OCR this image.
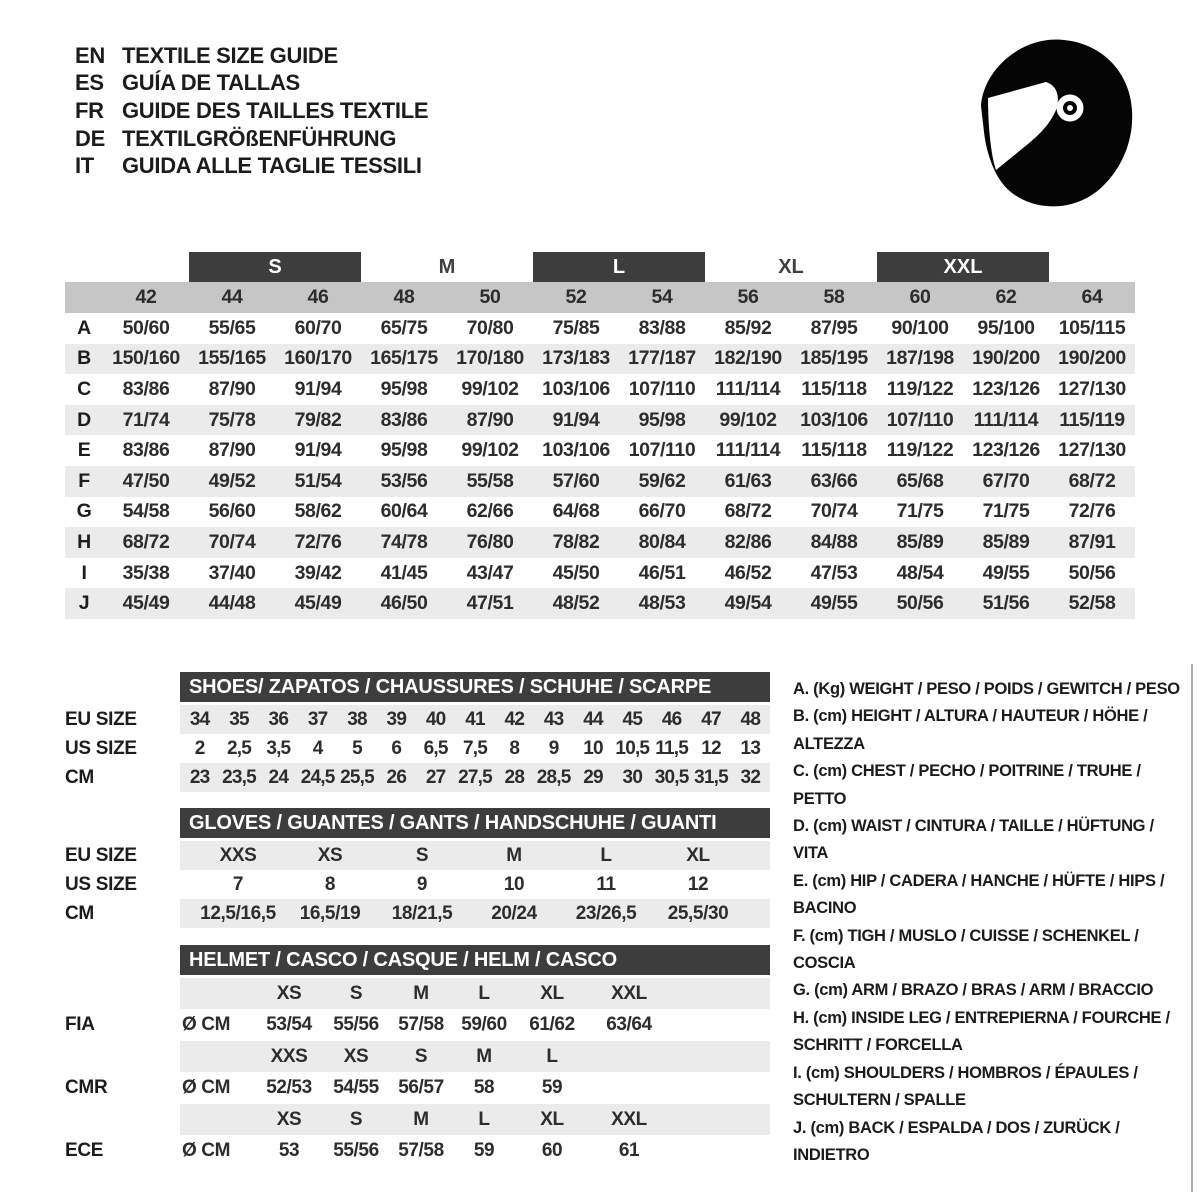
EN TEXTILE SIZE GUIDE
ES GUÍA DE TALLAS
FR GUIDE DES TAILLES TEXTILE
DE TEXTILGRÖßENFÜHRUNG
IT	GUIDA ALLE TAGLIE TESSILI
S	M	L	XL	XXL
42	44	46	48	50	52	54	56	58	60	62	64
A	50/60	55/65	60/70	65/75	70/80	75/85	83/88	85/92	87/95	90/100	95/100	105/115
B	150/160 155/165 160/170 165/175 170/180 173/183 177/187 182/190 185/195 187/198 190/200 190/200
C	83/86	87/90	91/94	95/98	99/102	103/106 107/110	111/114	115/118	119/122 123/126 127/130
D	71/74	75/78	79/82	83/86	87/90	91/94	95/98	99/102	103/106 107/110	111/114	115/119
E	83/86	87/90	91/94	95/98	99/102	103/106 107/110	111/114	115/118	119/122 123/126 127/130
F	47/50	49/52	51/54	53/56	55/58	57/60	59/62	61/63	63/66	65/68	67/70	68/72
G	54/58	56/60	58/62	60/64	62/66	64/68	66/70	68/72	70/74	71/75	71/75	72/76
H	68/72	70/74	72/76	74/78	76/80	78/82	80/84	82/86	84/88	85/89	85/89	87/91
I	35/38	37/40	39/42	41/45	43/47	45/50	46/51	46/52	47/53	48/54	49/55	50/56
J	45/49	44/48	45/49	46/50	47/51	48/52	48/53	49/54	49/55	50/56	51/56	52/58
SHOES/ ZAPATOS / CHAUSSURES / SCHUHE / SCARPE
EU SIZE	34	35	36	37	38	39	40	41	42	43	44	45	46	47	48
US SIZE	2	2,5 3,5	4	5	6	6,5 7,5	8	9	10 10,5 11,5 12	13
CM	23 23,5 24 24,5 25,5 26	27 27,5 28 28,5 29	30 30,5 31,5 32
GLOVES / GUANTES / GANTS / HANDSCHUHE / GUANTI
EU SIZE	XXS	XS	S	M	L	XL
US SIZE	7	8	9	10	11	12
CM	12,5/16,5	16,5/19	18/21,5	20/24	23/26,5	25,5/30
HELMET / CASCO / CASQUE / HELM / CASCO
XS	S	M	L	XL	XXL
FIA	Ø CM	53/54	55/56	57/58 59/60	61/62	63/64
XXS	XS	S	M	L
CMR	Ø CM	52/53	54/55	56/57	58	59
XS	S	M	L	XL	XXL
ECE	Ø CM	53	55/56	57/58	59	60	61
A. (Kg) WEIGHT / PESO / POIDS / GEWITCH / PESO
B. (cm) HEIGHT / ALTURA / HAUTEUR / HÖHE / ALTEZZA
C. (cm) CHEST / PECHO / POITRINE / TRUHE / PETTO
D. (cm) WAIST / CINTURA / TAILLE / HÜFTUNG / VITA
E. (cm) HIP / CADERA / HANCHE / HÜFTE / HIPS / BACINO
F. (cm) TIGH / MUSLO / CUISSE / SCHENKEL / COSCIA
G. (cm) ARM / BRAZO / BRAS / ARM / BRACCIO
H. (cm) INSIDE LEG / ENTREPIERNA / FOURCHE / SCHRITT / FORCELLA
I. (cm) SHOULDERS / HOMBROS / ÉPAULES / SCHULTERN / SPALLE
J. (cm) BACK / ESPALDA / DOS / ZURÜCK / INDIETRO
